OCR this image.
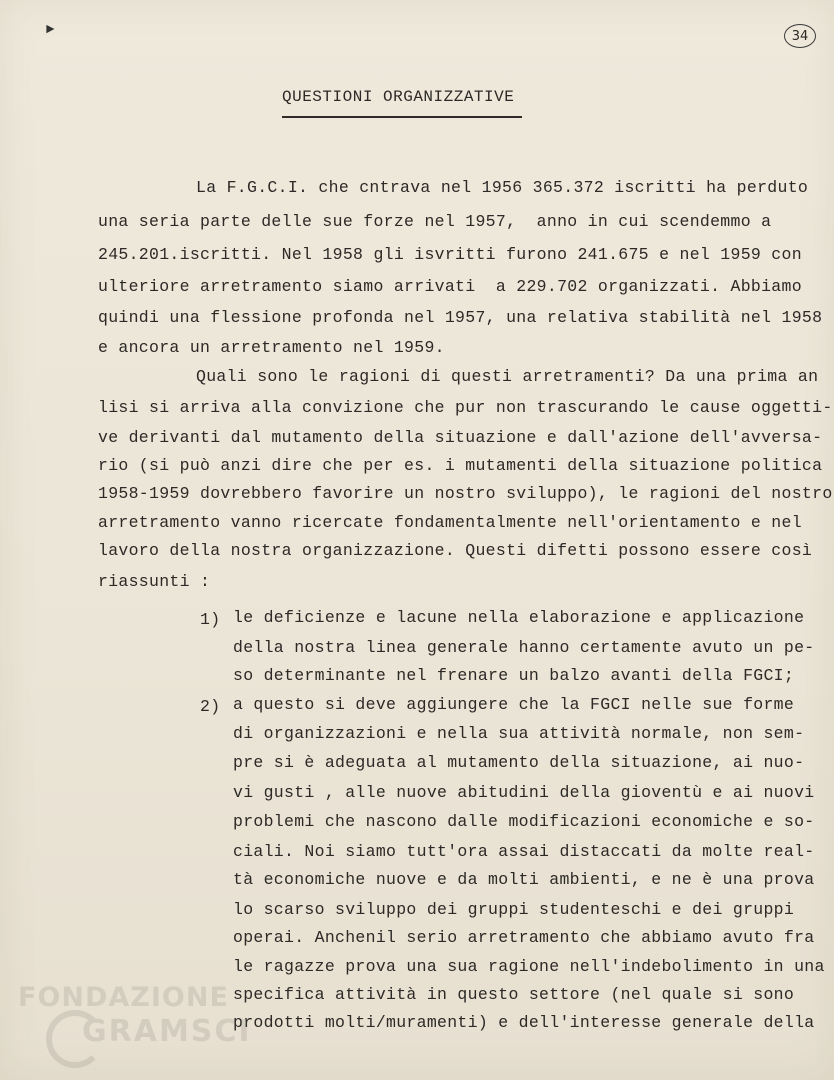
►	34
QUESTIONI ORGANIZZATIVE
La F.G.C.I. che cntrava nel 1956 365.372 iscritti ha perduto
una seria parte delle sue forze nel 1957,  anno in cui scendemmo a
245.201.iscritti. Nel 1958 gli isvritti furono 241.675 e nel 1959 con
ulteriore arretramento siamo arrivati  a 229.702 organizzati. Abbiamo
quindi una flessione profonda nel 1957, una relativa stabilità nel 1958
e ancora un arretramento nel 1959.
Quali sono le ragioni di questi arretramenti? Da una prima an
lisi si arriva alla convizione che pur non trascurando le cause oggetti-
ve derivanti dal mutamento della situazione e dall'azione dell'avversa-
rio (si può anzi dire che per es. i mutamenti della situazione politica
1958-1959 dovrebbero favorire un nostro sviluppo), le ragioni del nostro
arretramento vanno ricercate fondamentalmente nell'orientamento e nel
lavoro della nostra organizzazione. Questi difetti possono essere così
riassunti :
1) le deficienze e lacune nella elaborazione e applicazione
della nostra linea generale hanno certamente avuto un pe-
so determinante nel frenare un balzo avanti della FGCI;
2) a questo si deve aggiungere che la FGCI nelle sue forme
di organizzazioni e nella sua attività normale, non sem-
pre si è adeguata al mutamento della situazione, ai nuo-
vi gusti , alle nuove abitudini della gioventù e ai nuovi
problemi che nascono dalle modificazioni economiche e so-
ciali. Noi siamo tutt'ora assai distaccati da molte real-
tà economiche nuove e da molti ambienti, e ne è una prova
lo scarso sviluppo dei gruppi studenteschi e dei gruppi
operai. Anchenil serio arretramento che abbiamo avuto fra
le ragazze prova una sua ragione nell'indebolimento in una
specifica attività in questo settore (nel quale si sono
prodotti molti/muramenti) e dell'interesse generale della
FONDAZIONE
GRAMSCI
